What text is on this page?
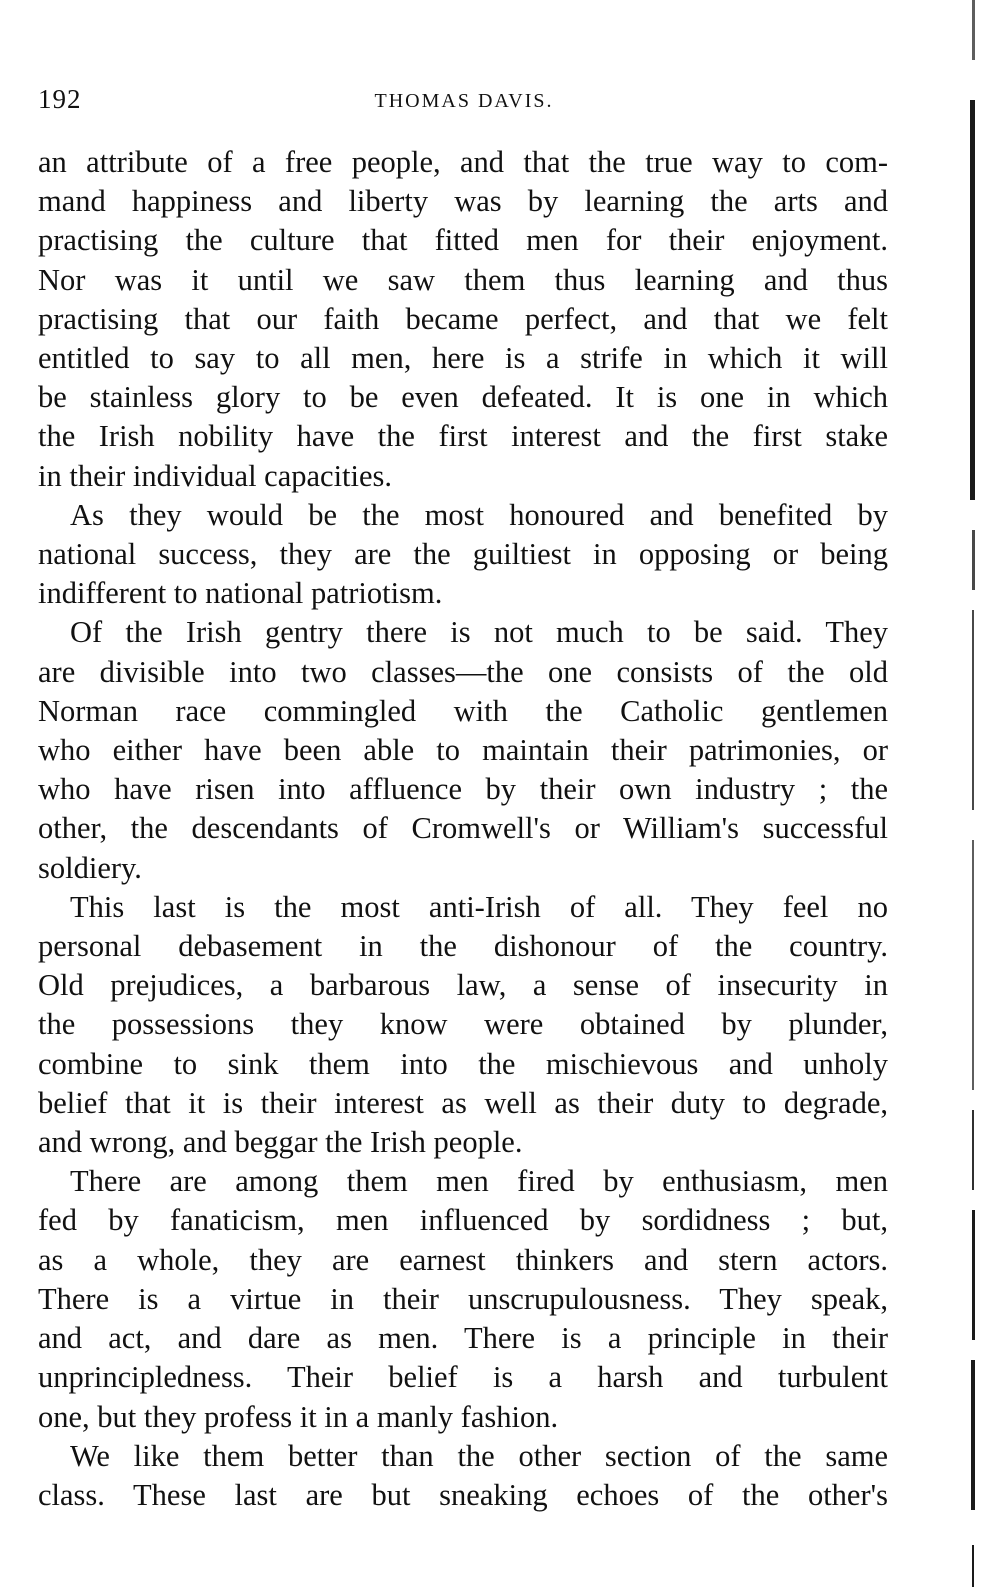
192	THOMAS DAVIS.
an attribute of a free people, and that the true way to com-
mand happiness and liberty was by learning the arts and
practising the culture that fitted men for their enjoyment.
Nor was it until we saw them thus learning and thus
practising that our faith became perfect, and that we felt
entitled to say to all men, here is a strife in which it will
be stainless glory to be even defeated. It is one in which
the Irish nobility have the first interest and the first stake
in their individual capacities.
As they would be the most honoured and benefited by
national success, they are the guiltiest in opposing or being
indifferent to national patriotism.
Of the Irish gentry there is not much to be said. They
are divisible into two classes—the one consists of the old
Norman race commingled with the Catholic gentlemen
who either have been able to maintain their patrimonies, or
who have risen into affluence by their own industry ; the
other, the descendants of Cromwell's or William's successful
soldiery.
This last is the most anti-Irish of all. They feel no
personal debasement in the dishonour of the country.
Old prejudices, a barbarous law, a sense of insecurity in
the possessions they know were obtained by plunder,
combine to sink them into the mischievous and unholy
belief that it is their interest as well as their duty to degrade,
and wrong, and beggar the Irish people.
There are among them men fired by enthusiasm, men
fed by fanaticism, men influenced by sordidness ; but,
as a whole, they are earnest thinkers and stern actors.
There is a virtue in their unscrupulousness. They speak,
and act, and dare as men. There is a principle in their
unprincipledness. Their belief is a harsh and turbulent
one, but they profess it in a manly fashion.
We like them better than the other section of the same
class. These last are but sneaking echoes of the other's
